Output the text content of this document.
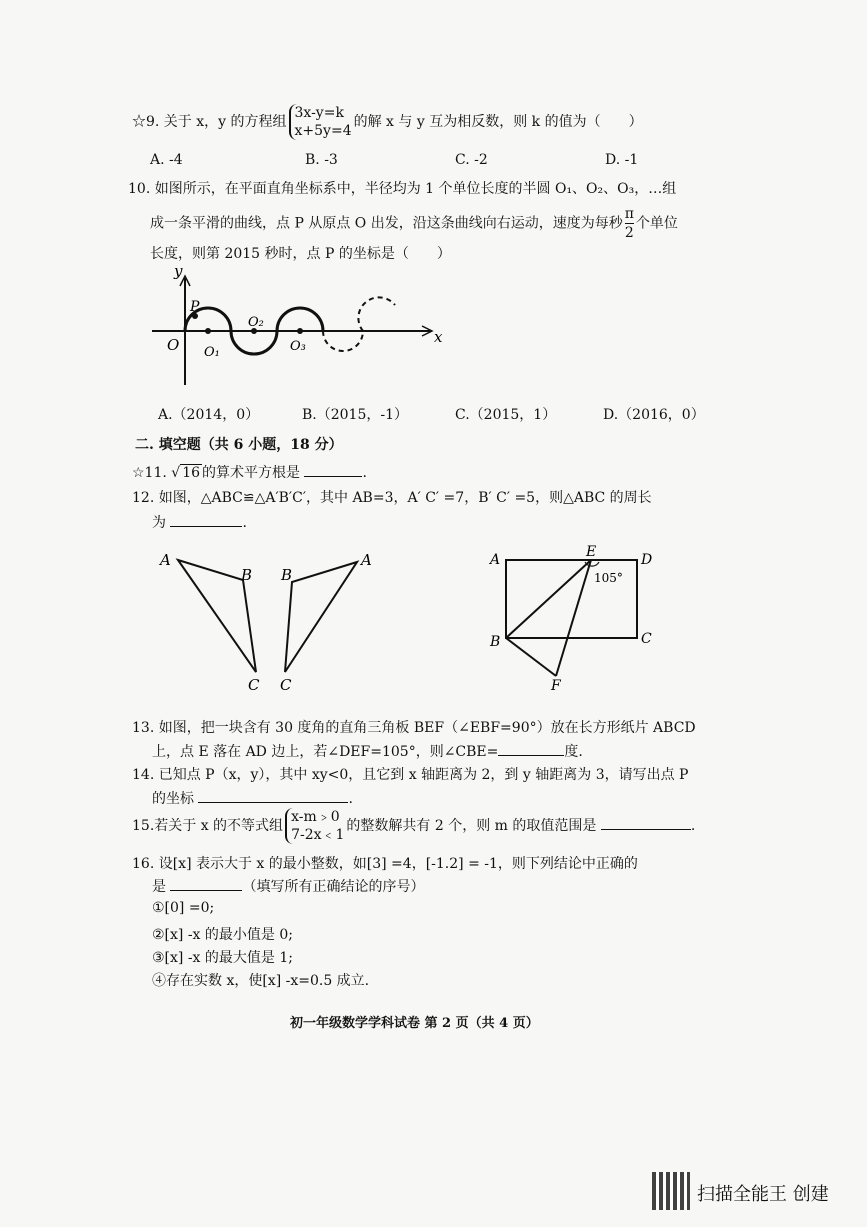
☆9. 关于 x，y 的方程组
3x-y=k
x+5y=4
的解 x 与 y 互为相反数，则 k 的值为（　　）
A. -4	B. -3	C. -2	D. -1
10. 如图所示，在平面直角坐标系中，半径均为 1 个单位长度的半圆 O₁、O₂、O₃，…组
成一条平滑的曲线，点 P 从原点 O 出发，沿这条曲线向右运动，速度为每秒 $\frac{\pi}{2}$ 个单位
长度，则第 2015 秒时，点 P 的坐标是（　　）
y
x
O
P
O₁
O₂
O₃
A.（2014，0）	B.（2015，-1）	C.（2015，1）	D.（2016，0）
二. 填空题（共 6 小题，18 分）
☆11. √ 16 的算术平方根是	.
12. 如图，△ABC≌△A′B′C′，其中 AB=3，A′ C′ =7，B′ C′ =5，则△ABC 的周长
为	.
A
B
C
B
A
C
A	E	D
B	C
F
105°
13. 如图，把一块含有 30 度角的直角三角板 BEF（∠EBF=90°）放在长方形纸片 ABCD
上，点 E 落在 AD 边上，若∠DEF=105°，则∠CBE=	度.
14. 已知点 P（x，y），其中 xy<0，且它到 x 轴距离为 2，到 y 轴距离为 3，请写出点 P
的坐标	.
15.若关于 x 的不等式组
x-m﹥0
7-2x﹤1
的整数解共有 2 个，则 m 的取值范围是	.
16. 设[x] 表示大于 x 的最小整数，如[3] =4，[-1.2] = -1，则下列结论中正确的
是	（填写所有正确结论的序号）
①[0] =0;
②[x] -x 的最小值是 0;
③[x] -x 的最大值是 1;
④存在实数 x，使[x] -x=0.5 成立.
初一年级数学学科试卷 第 2 页（共 4 页）
扫描全能王 创建
